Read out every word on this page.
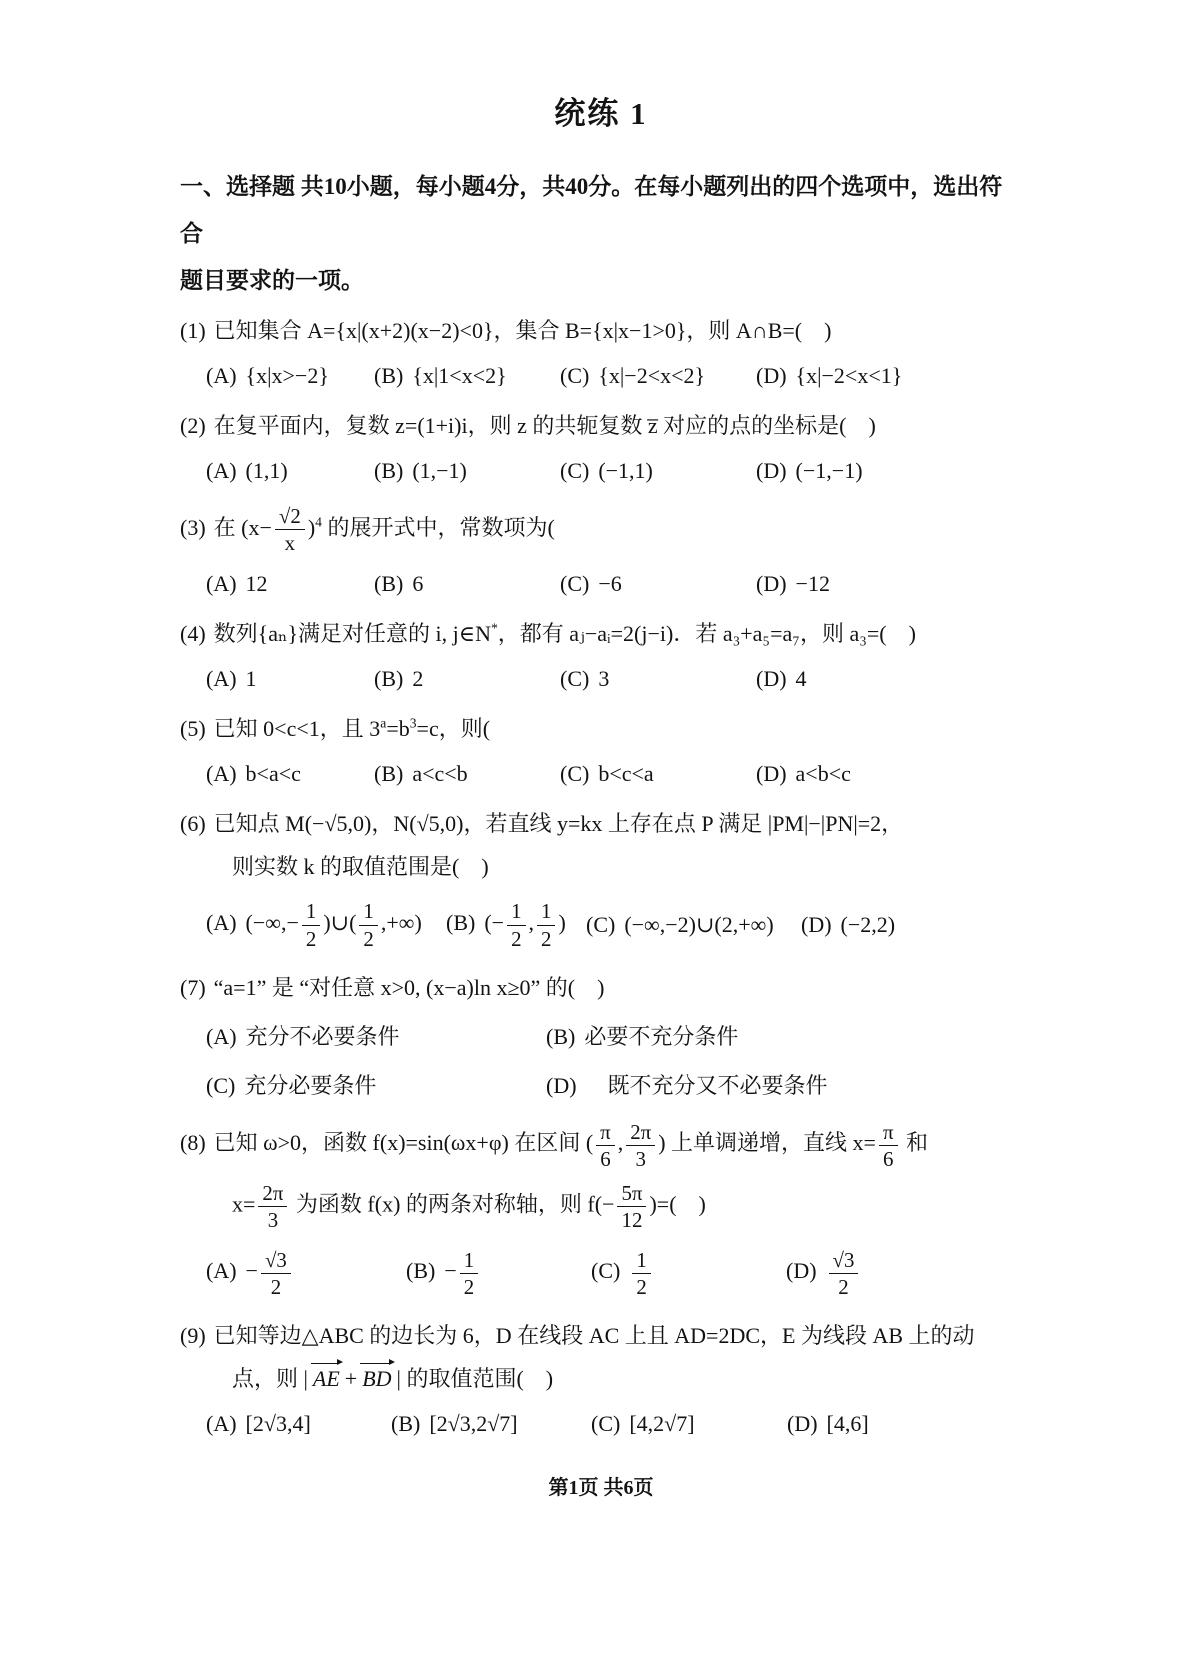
统练 1
一、选择题 共10小题，每小题4分，共40分。在每小题列出的四个选项中，选出符合
题目要求的一项。
(1) 已知集合 A={x|(x+2)(x−2)<0}，集合 B={x|x−1>0}，则 A∩B=(　)
(A) {x|x>−2}	(B) {x|1<x<2}	(C) {x|−2<x<2}	(D) {x|−2<x<1}
(2) 在复平面内，复数 z=(1+i)i，则 z 的共轭复数 z̅ 对应的点的坐标是(　)
(A) (1,1)	(B) (1,−1)	(C) (−1,1)	(D) (−1,−1)
(3) 在 $(x- \frac{√2}{x} )^4$ 的展开式中，常数项为(
(A) 12	(B) 6	(C) −6	(D) −12
(4) 数列{aₙ}满足对任意的 i, j∈N*，都有 aⱼ−aᵢ=2(j−i)．若 a₃+a₅=a₇，则 a₃=(　)
(A) 1	(B) 2	(C) 3	(D) 4
(5) 已知 0<c<1，且 $3^a=b^3=c$，则(
(A) b<a<c	(B) a<c<b	(C) b<c<a	(D) a<b<c
(6) 已知点 M(−√5,0)，N(√5,0)，若直线 y=kx 上存在点 P 满足 |PM|−|PN|=2，
则实数 k 的取值范围是(　)
(A) (−∞,− $\frac{1}{2}$ )∪( $\frac{1}{2}$ ,+∞)	(B) (− $\frac{1}{2}$ , $\frac{1}{2}$ ) (C) (−∞,−2)∪(2,+∞)	(D) (−2,2)
(7) “a=1” 是 “对任意 x>0, (x−a)ln x≥0” 的(　)
(A) 充分不必要条件	(B) 必要不充分条件
(C) 充分必要条件	(D)　既不充分又不必要条件
(8) 已知 ω>0，函数 f(x)=sin(ωx+φ) 在区间 ( $\frac{\pi}{6}$ , $\frac{2\pi}{3}$ ) 上单调递增，直线 $x= \frac{\pi}{6}$ 和
$x= \frac{2\pi}{3}$ 为函数 f(x) 的两条对称轴，则 $f(- \frac{5\pi}{12}$ )=(　)
$(A) - \frac{√3}{2}$	$(B) - \frac{1}{2}$	$(C) \frac{1}{2}$	$(D) \frac{√3}{2}$
(9) 已知等边△ABC 的边长为 6，D 在线段 AC 上且 AD=2DC，E 为线段 AB 上的动
点，则 | AE + BD | 的取值范围(　)
(A) [2√3,4]	(B) [2√3,2√7]	(C) [4,2√7]	(D) [4,6]
第1页 共6页
